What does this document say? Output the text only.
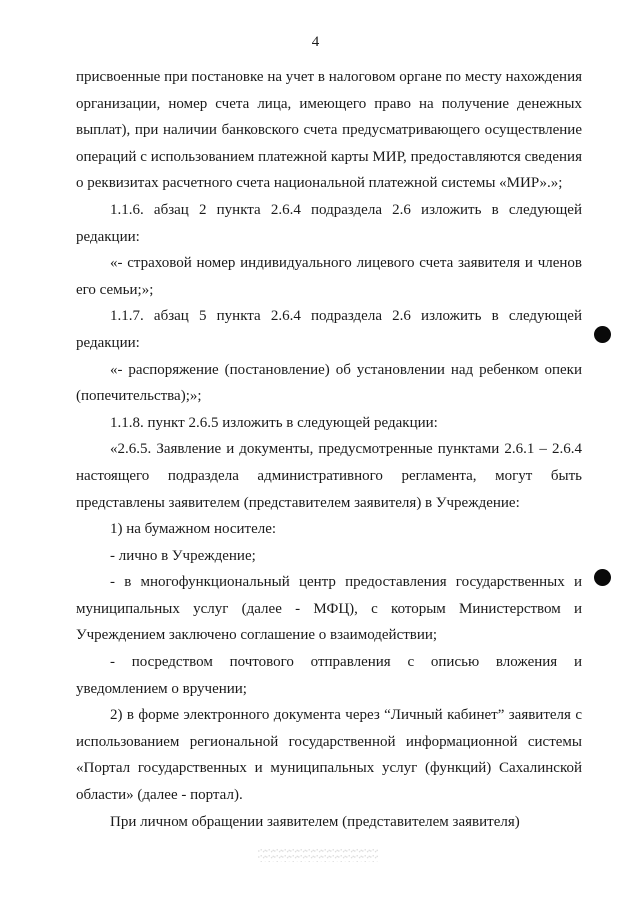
4

присвоенные при постановке на учет в налоговом органе по месту нахождения организации, номер счета лица, имеющего право на получение денежных выплат), при наличии банковского счета предусматривающего осуществление операций с использованием платежной карты МИР, предоставляются сведения о реквизитах расчетного счета национальной платежной системы «МИР».»;

1.1.6. абзац 2 пункта 2.6.4 подраздела 2.6 изложить в следующей редакции:

«- страховой номер индивидуального лицевого счета заявителя и членов его семьи;»;

1.1.7. абзац 5 пункта 2.6.4 подраздела 2.6 изложить в следующей редакции:

«- распоряжение (постановление) об установлении над ребенком опеки (попечительства);»;

1.1.8. пункт 2.6.5 изложить в следующей редакции:

«2.6.5. Заявление и документы, предусмотренные пунктами 2.6.1 – 2.6.4 настоящего подраздела административного регламента, могут быть представлены заявителем (представителем заявителя) в Учреждение:

1) на бумажном носителе:

- лично в Учреждение;

- в многофункциональный центр предоставления государственных и муниципальных услуг (далее - МФЦ), с которым Министерством и Учреждением заключено соглашение о взаимодействии;

- посредством почтового отправления с описью вложения и уведомлением о вручении;

2) в форме электронного документа через “Личный кабинет” заявителя с использованием региональной государственной информационной системы «Портал государственных и муниципальных услуг (функций) Сахалинской области» (далее - портал).

При личном обращении заявителем (представителем заявителя)
